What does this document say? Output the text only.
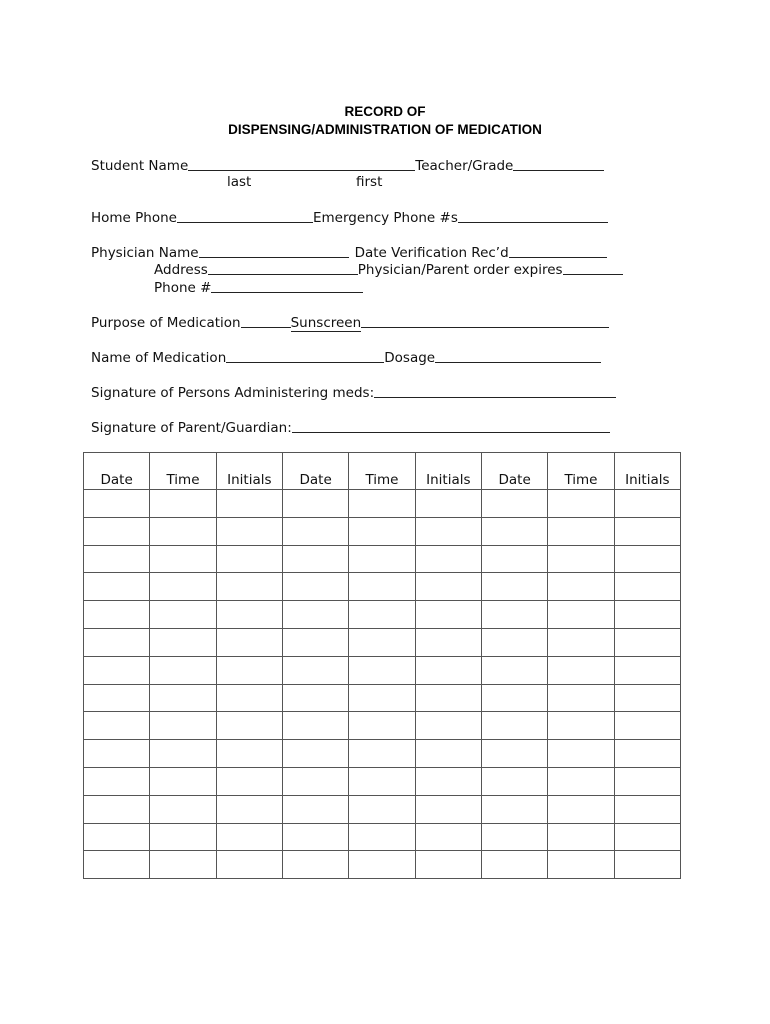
RECORD OF
DISPENSING/ADMINISTRATION OF MEDICATION
Student Name	Teacher/Grade
last	first
Home Phone	Emergency Phone #s
Physician Name	Date Verification Rec’d
Address	Physician/Parent order expires
Phone #
Purpose of Medication	Sunscreen
Name of Medication	Dosage
Signature of Persons Administering meds:
Signature of Parent/Guardian:
Date	Time	Initials	Date	Time	Initials	Date	Time	Initials
